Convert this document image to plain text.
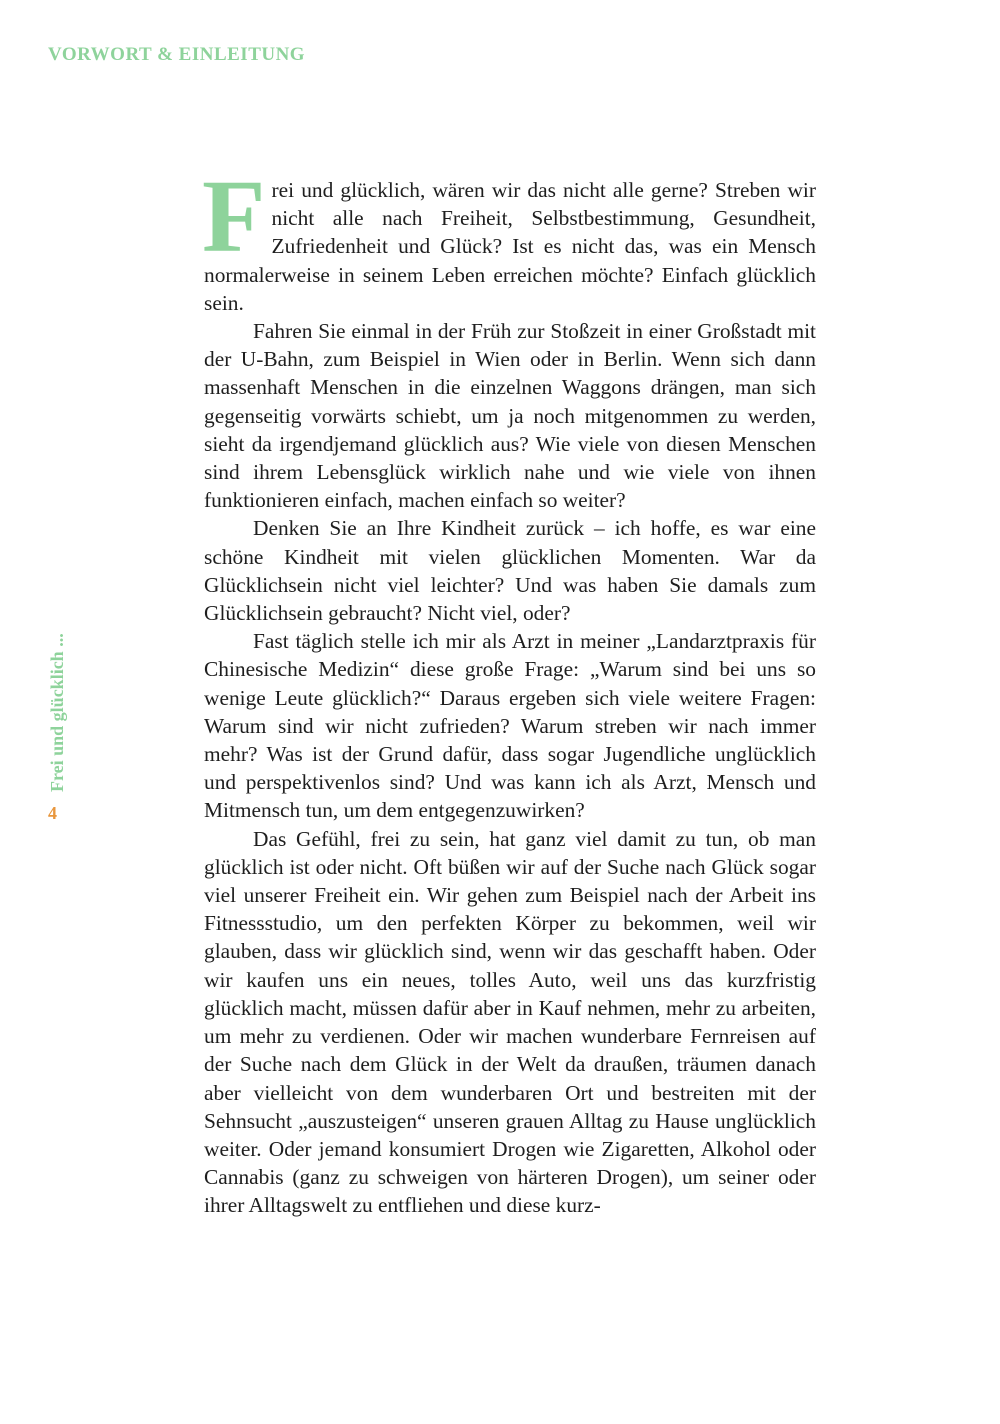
VORWORT & EINLEITUNG
Frei und glücklich ...
4

Frei und glücklich, wären wir das nicht alle gerne? Streben wir nicht alle nach Freiheit, Selbstbestimmung, Gesundheit, Zufriedenheit und Glück? Ist es nicht das, was ein Mensch normalerweise in seinem Leben erreichen möchte? Einfach glücklich sein.

Fahren Sie einmal in der Früh zur Stoßzeit in einer Großstadt mit der U-Bahn, zum Beispiel in Wien oder in Berlin. Wenn sich dann massenhaft Menschen in die einzelnen Waggons drängen, man sich gegenseitig vorwärts schiebt, um ja noch mitgenommen zu werden, sieht da irgendjemand glücklich aus? Wie viele von diesen Menschen sind ihrem Lebensglück wirklich nahe und wie viele von ihnen funktionieren einfach, machen einfach so weiter?

Denken Sie an Ihre Kindheit zurück – ich hoffe, es war eine schöne Kindheit mit vielen glücklichen Momenten. War da Glücklichsein nicht viel leichter? Und was haben Sie damals zum Glücklichsein gebraucht? Nicht viel, oder?

Fast täglich stelle ich mir als Arzt in meiner „Landarztpraxis für Chinesische Medizin“ diese große Frage: „Warum sind bei uns so wenige Leute glücklich?“ Daraus ergeben sich viele weitere Fragen: Warum sind wir nicht zufrieden? Warum streben wir nach immer mehr? Was ist der Grund dafür, dass sogar Jugendliche unglücklich und perspektivenlos sind? Und was kann ich als Arzt, Mensch und Mitmensch tun, um dem entgegenzuwirken?

Das Gefühl, frei zu sein, hat ganz viel damit zu tun, ob man glücklich ist oder nicht. Oft büßen wir auf der Suche nach Glück sogar viel unserer Freiheit ein. Wir gehen zum Beispiel nach der Arbeit ins Fitnessstudio, um den perfekten Körper zu bekommen, weil wir glauben, dass wir glücklich sind, wenn wir das geschafft haben. Oder wir kaufen uns ein neues, tolles Auto, weil uns das kurzfristig glücklich macht, müssen dafür aber in Kauf nehmen, mehr zu arbeiten, um mehr zu verdienen. Oder wir machen wunderbare Fernreisen auf der Suche nach dem Glück in der Welt da draußen, träumen danach aber vielleicht von dem wunderbaren Ort und bestreiten mit der Sehnsucht „auszusteigen“ unseren grauen Alltag zu Hause unglücklich weiter. Oder jemand konsumiert Drogen wie Zigaretten, Alkohol oder Cannabis (ganz zu schweigen von härteren Drogen), um seiner oder ihrer Alltagswelt zu entfliehen und diese kurz-
